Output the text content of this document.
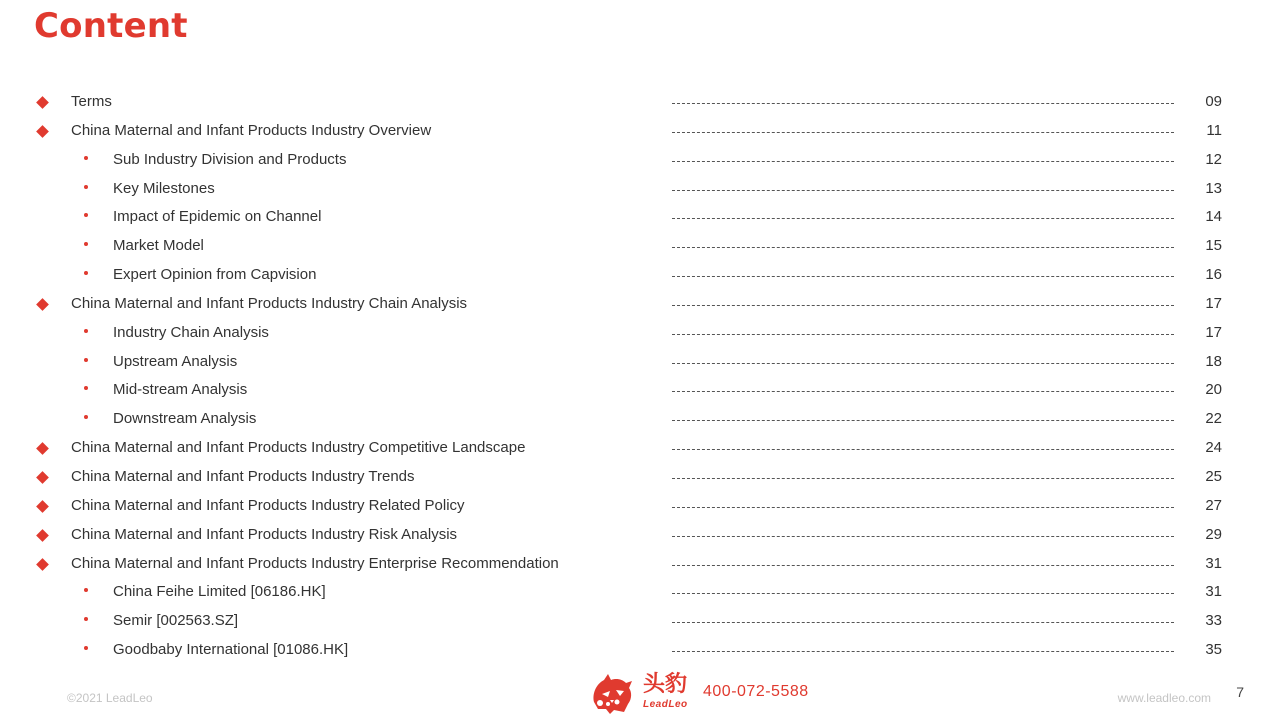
Content
Terms	09
China Maternal and Infant Products Industry Overview	11
Sub Industry Division and Products	12
Key Milestones	13
Impact of Epidemic on Channel	14
Market Model	15
Expert Opinion from Capvision	16
China Maternal and Infant Products Industry Chain Analysis	17
Industry Chain Analysis	17
Upstream Analysis	18
Mid-stream Analysis	20
Downstream Analysis	22
China Maternal and Infant Products Industry Competitive Landscape	24
China Maternal and Infant Products Industry Trends	25
China Maternal and Infant Products Industry Related Policy	27
China Maternal and Infant Products Industry Risk Analysis	29
China Maternal and Infant Products Industry Enterprise Recommendation	31
China Feihe Limited [06186.HK]	31
Semir [002563.SZ]	33
Goodbaby International [01086.HK]	35
©2021 LeadLeo
头豹
LeadLeo
400-072-5588	www.leadleo.com 7
